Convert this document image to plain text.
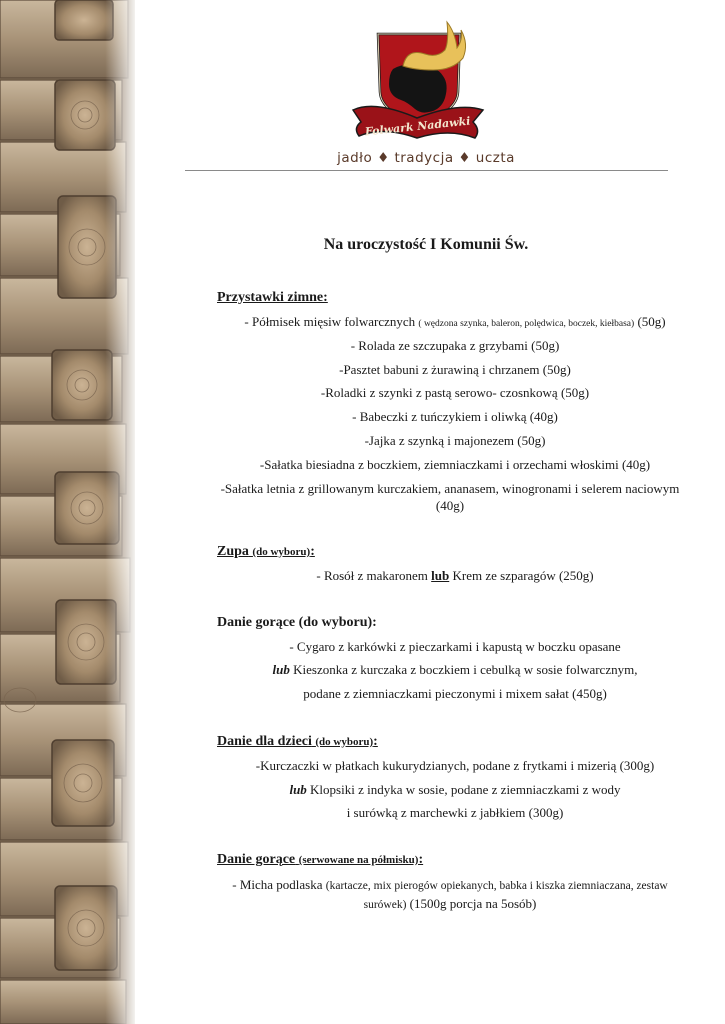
Folwark Nadawki
jadło ♦ tradycja ♦ uczta
Na uroczystość I Komunii Św.
Przystawki zimne:
- Półmisek mięsiw folwarcznych ( wędzona szynka, baleron, polędwica, boczek, kiełbasa) (50g)
- Rolada ze szczupaka z grzybami (50g)
-Pasztet babuni z żurawiną i chrzanem (50g)
-Roladki z szynki z pastą serowo- czosnkową (50g)
- Babeczki z tuńczykiem i oliwką (40g)
-Jajka z szynką i majonezem (50g)
-Sałatka biesiadna z boczkiem, ziemniaczkami i orzechami włoskimi (40g)
-Sałatka letnia z grillowanym kurczakiem, ananasem, winogronami i selerem naciowym (40g)
Zupa (do wyboru):
- Rosół z makaronem lub Krem ze szparagów (250g)
Danie gorące (do wyboru):
- Cygaro z karkówki z pieczarkami i kapustą w boczku opasane
lub Kieszonka z kurczaka z boczkiem i cebulką w sosie folwarcznym,
podane z ziemniaczkami pieczonymi i mixem sałat (450g)
Danie dla dzieci (do wyboru):
-Kurczaczki w płatkach kukurydzianych, podane z frytkami i mizerią (300g)
lub Klopsiki z indyka w sosie, podane z ziemniaczkami z wody
i surówką z marchewki z jabłkiem (300g)
Danie gorące (serwowane na półmisku):
- Micha podlaska (kartacze, mix pierogów opiekanych, babka i kiszka ziemniaczana, zestaw surówek) (1500g porcja na 5osób)
